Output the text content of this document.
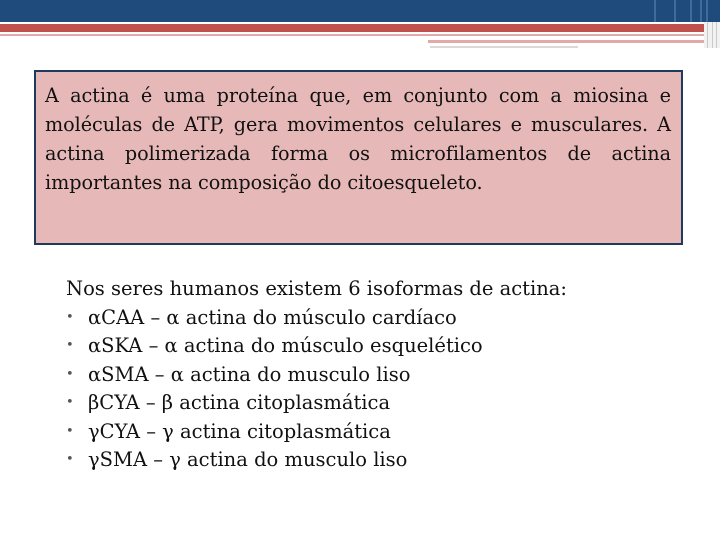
A actina é uma proteína que, em conjunto com a miosina e moléculas de ATP, gera movimentos celulares e musculares. A actina polimerizada forma os microfilamentos de actina importantes na composição do citoesqueleto.

Nos seres humanos existem 6 isoformas de actina:
• αCAA – α actina do músculo cardíaco
• αSKA – α actina do músculo esquelético
• αSMA – α actina do musculo liso
• βCYA – β actina citoplasmática
• γCYA – γ actina citoplasmática
• γSMA – γ actina do musculo liso
